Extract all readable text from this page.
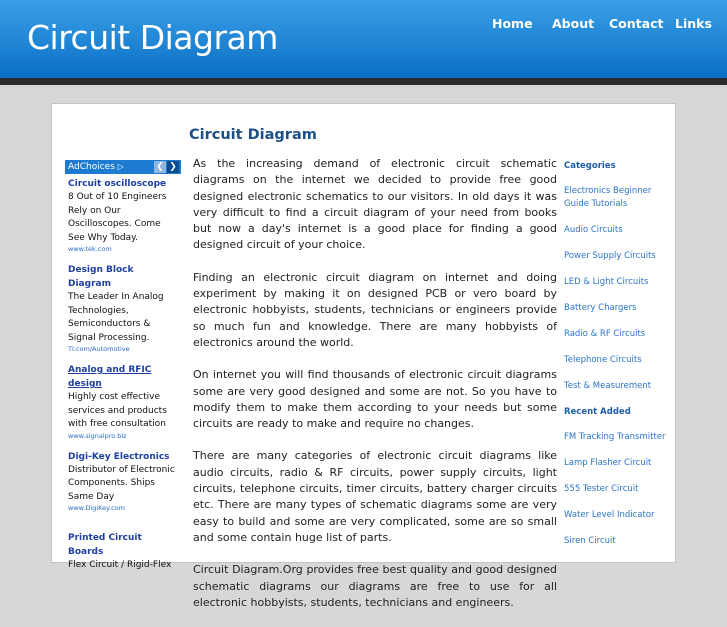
Circuit Diagram	Home About Contact Links
Circuit Diagram
AdChoices ▷	❮ ❯
Circuit oscilloscope
8 Out of 10 Engineers Rely on Our Oscilloscopes. Come See Why Today.
www.tek.com
Design Block Diagram
The Leader In Analog Technologies, Semiconductors & Signal Processing.
TI.com/Automotive
Analog and RFIC design
Highly cost effective services and products with free consultation
www.signalpro.biz
Digi-Key Electronics
Distributor of Electronic Components. Ships Same Day
www.DigiKey.com
Printed Circuit Boards
Flex Circuit / Rigid-Flex

As the increasing demand of electronic circuit schematic diagrams on the internet we decided to provide free good designed electronic schematics to our visitors. In old days it was very difficult to find a circuit diagram of your need from books but now a day's internet is a good place for finding a good designed circuit of your choice.

Finding an electronic circuit diagram on internet and doing experiment by making it on designed PCB or vero board by electronic hobbyists, students, technicians or engineers provide so much fun and knowledge. There are many hobbyists of electronics around the world.

On internet you will find thousands of electronic circuit diagrams some are very good designed and some are not. So you have to modify them to make them according to your needs but some circuits are ready to make and require no changes.

There are many categories of electronic circuit diagrams like audio circuits, radio & RF circuits, power supply circuits, light circuits, telephone circuits, timer circuits, battery charger circuits etc. There are many types of schematic diagrams some are very easy to build and some are very complicated, some are so small and some contain huge list of parts.

Circuit Diagram.Org provides free best quality and good designed schematic diagrams our diagrams are free to use for all electronic hobbyists, students, technicians and engineers.

Categories
Electronics Beginner Guide Tutorials
Audio Circuits
Power Supply Circuits
LED & Light Circuits
Battery Chargers
Radio & RF Circuits
Telephone Circuits
Test & Measurement
Recent Added
FM Tracking Transmitter
Lamp Flasher Circuit
555 Tester Circuit
Water Level Indicator
Siren Circuit
